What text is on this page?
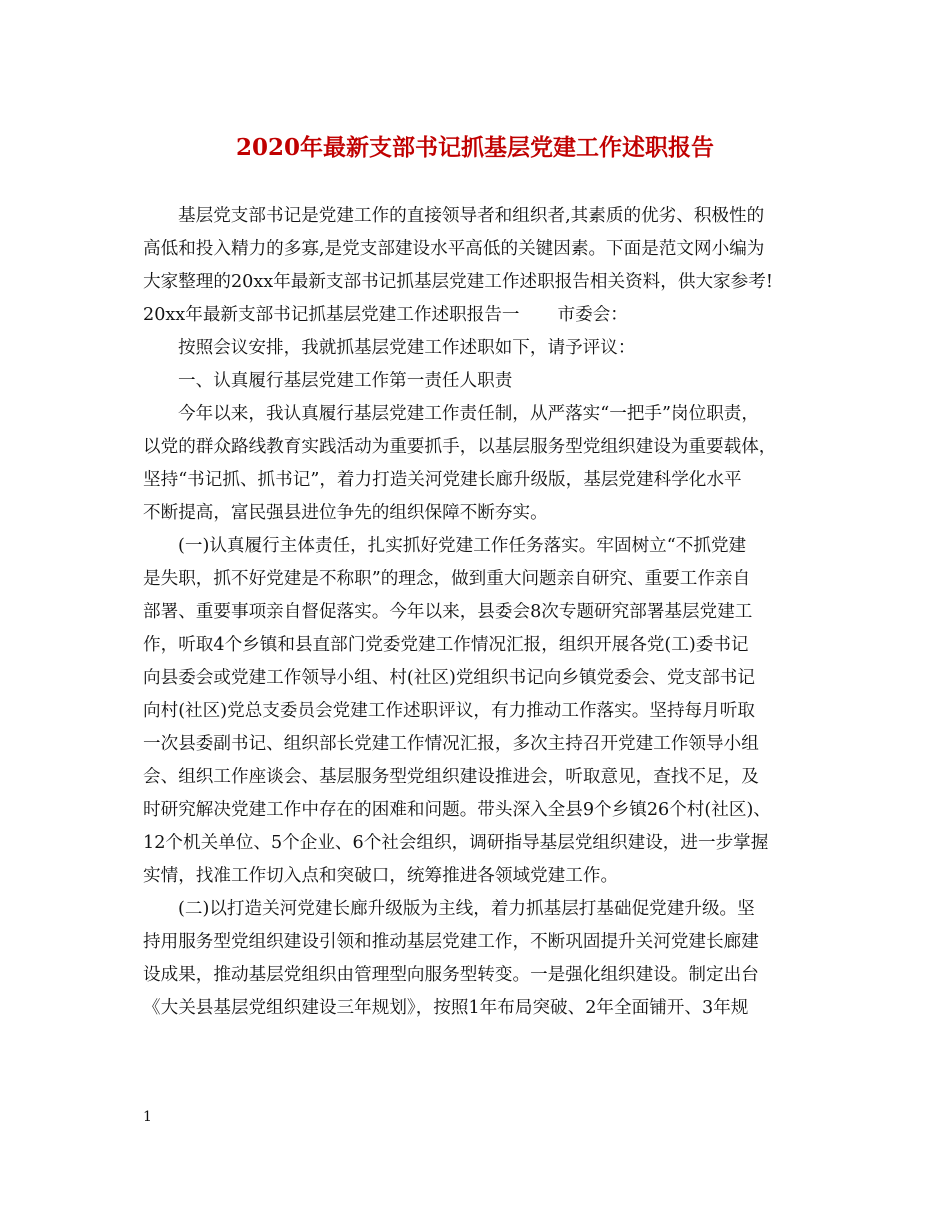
2020年最新支部书记抓基层党建工作述职报告
基层党支部书记是党建工作的直接领导者和组织者,其素质的优劣、积极性的
高低和投入精力的多寡,是党支部建设水平高低的关键因素。下面是范文网小编为
大家整理的20xx年最新支部书记抓基层党建工作述职报告相关资料，供大家参考!
20xx年最新支部书记抓基层党建工作述职报告一 市委会：
按照会议安排，我就抓基层党建工作述职如下，请予评议：
一、认真履行基层党建工作第一责任人职责
今年以来，我认真履行基层党建工作责任制，从严落实“一把手”岗位职责，
以党的群众路线教育实践活动为重要抓手，以基层服务型党组织建设为重要载体，
坚持“书记抓、抓书记”，着力打造关河党建长廊升级版，基层党建科学化水平
不断提高，富民强县进位争先的组织保障不断夯实。
(一)认真履行主体责任，扎实抓好党建工作任务落实。牢固树立“不抓党建
是失职，抓不好党建是不称职”的理念，做到重大问题亲自研究、重要工作亲自
部署、重要事项亲自督促落实。今年以来，县委会8次专题研究部署基层党建工
作，听取4个乡镇和县直部门党委党建工作情况汇报，组织开展各党(工)委书记
向县委会或党建工作领导小组、村(社区)党组织书记向乡镇党委会、党支部书记
向村(社区)党总支委员会党建工作述职评议，有力推动工作落实。坚持每月听取
一次县委副书记、组织部长党建工作情况汇报，多次主持召开党建工作领导小组
会、组织工作座谈会、基层服务型党组织建设推进会，听取意见，查找不足，及
时研究解决党建工作中存在的困难和问题。带头深入全县9个乡镇26个村(社区)、
12个机关单位、5个企业、6个社会组织，调研指导基层党组织建设，进一步掌握
实情，找准工作切入点和突破口，统筹推进各领域党建工作。
(二)以打造关河党建长廊升级版为主线，着力抓基层打基础促党建升级。坚
持用服务型党组织建设引领和推动基层党建工作，不断巩固提升关河党建长廊建
设成果，推动基层党组织由管理型向服务型转变。一是强化组织建设。制定出台
《大关县基层党组织建设三年规划》，按照1年布局突破、2年全面铺开、3年规

1
